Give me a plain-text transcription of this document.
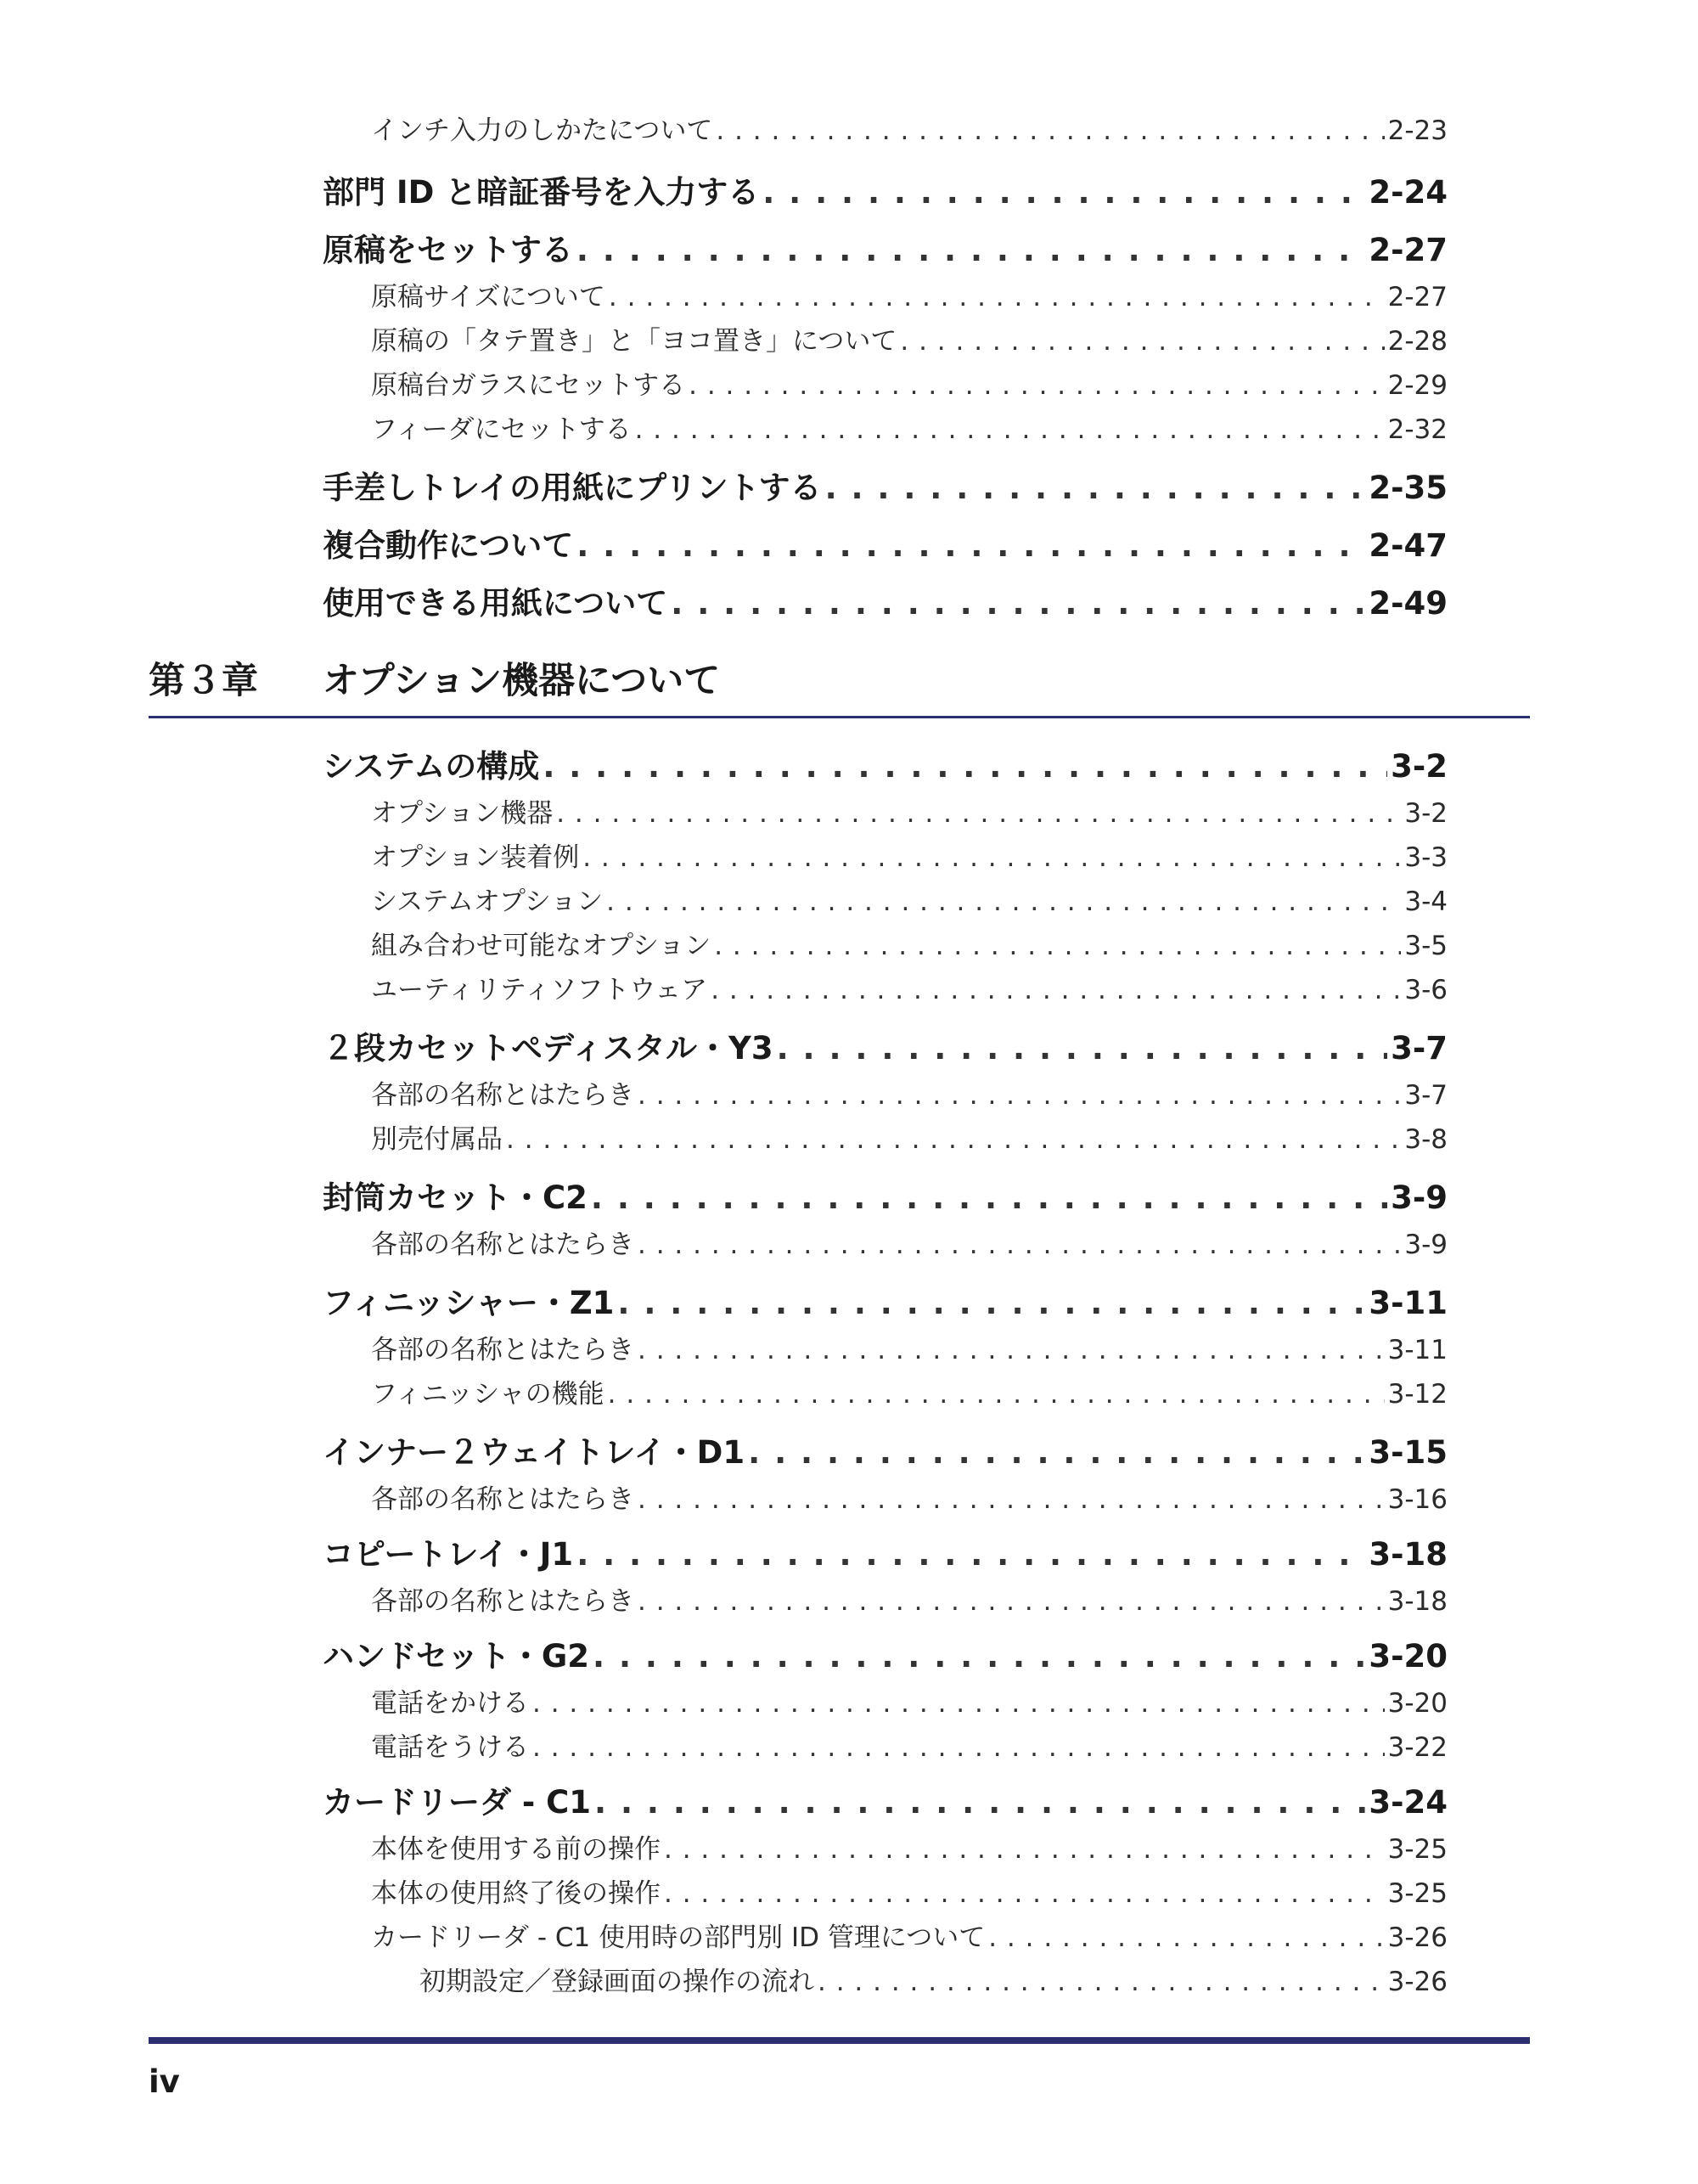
第３章	オプション機器について
iv
インチ入力のしかたについて . . .	2-23
部門 ID と暗証番号を入力する . . .	2-24
原稿をセットする . . .	2-27
原稿サイズについて . . .	2-27
原稿の「タテ置き」と「ヨコ置き」について . . .	2-28
原稿台ガラスにセットする . . .	2-29
フィーダにセットする . . .	2-32
手差しトレイの用紙にプリントする . . .	2-35
複合動作について . . .	2-47
使用できる用紙について . . .	2-49
システムの構成 . . .	3-2
オプション機器 . . .	3-2
オプション装着例 . . .	3-3
システムオプション . . .	3-4
組み合わせ可能なオプション . . .	3-5
ユーティリティソフトウェア . . .	3-6
２段カセットペディスタル・Y3 . . .	3-7
各部の名称とはたらき . . .	3-7
別売付属品 . . .	3-8
封筒カセット・C2 . . .	3-9
各部の名称とはたらき . . .	3-9
フィニッシャー・Z1 . . .	3-11
各部の名称とはたらき . . .	3-11
フィニッシャの機能 . . .	3-12
インナー２ウェイトレイ・D1 . . .	3-15
各部の名称とはたらき . . .	3-16
コピートレイ・J1 . . .	3-18
各部の名称とはたらき . . .	3-18
ハンドセット・G2 . . .	3-20
電話をかける . . .	3-20
電話をうける . . .	3-22
カードリーダ - C1 . . .	3-24
本体を使用する前の操作 . . .	3-25
本体の使用終了後の操作 . . .	3-25
カードリーダ - C1 使用時の部門別 ID 管理について . . .	3-26
初期設定／登録画面の操作の流れ . . .	3-26
